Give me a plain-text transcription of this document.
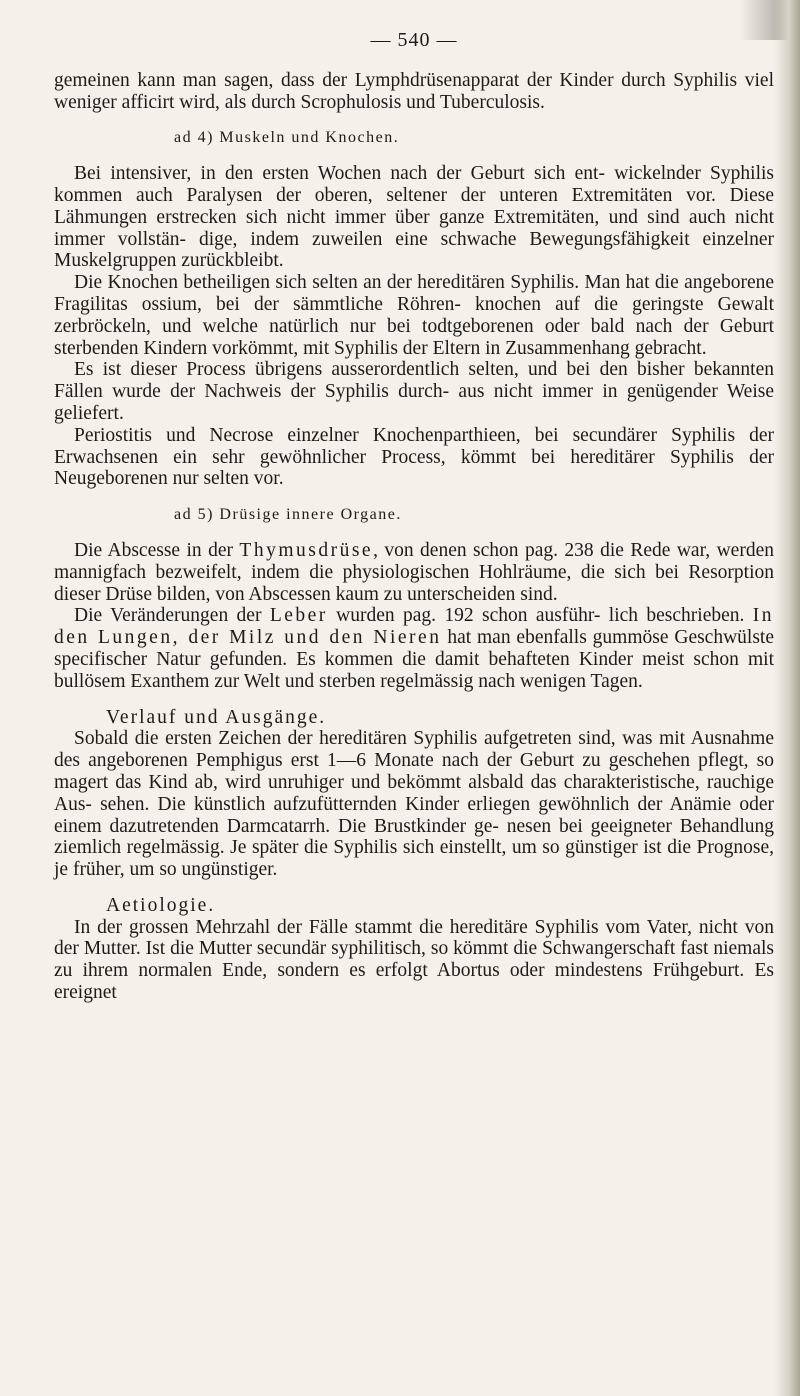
— 540 —

gemeinen kann man sagen, dass der Lymphdrüsenapparat der Kinder durch Syphilis viel weniger afficirt wird, als durch Scrophulosis und Tuberculosis.

ad 4) Muskeln und Knochen.

Bei intensiver, in den ersten Wochen nach der Geburt sich ent- wickelnder Syphilis kommen auch Paralysen der oberen, seltener der unteren Extremitäten vor. Diese Lähmungen erstrecken sich nicht immer über ganze Extremitäten, und sind auch nicht immer vollstän- dige, indem zuweilen eine schwache Bewegungsfähigkeit einzelner Muskelgruppen zurückbleibt.

Die Knochen betheiligen sich selten an der hereditären Syphilis. Man hat die angeborene Fragilitas ossium, bei der sämmtliche Röhren- knochen auf die geringste Gewalt zerbröckeln, und welche natürlich nur bei todtgeborenen oder bald nach der Geburt sterbenden Kindern vorkömmt, mit Syphilis der Eltern in Zusammenhang gebracht.

Es ist dieser Process übrigens ausserordentlich selten, und bei den bisher bekannten Fällen wurde der Nachweis der Syphilis durch- aus nicht immer in genügender Weise geliefert.

Periostitis und Necrose einzelner Knochenparthieen, bei secundärer Syphilis der Erwachsenen ein sehr gewöhnlicher Process, kömmt bei hereditärer Syphilis der Neugeborenen nur selten vor.

ad 5) Drüsige innere Organe.

Die Abscesse in der Thymusdrüse, von denen schon pag. 238 die Rede war, werden mannigfach bezweifelt, indem die physiologischen Hohlräume, die sich bei Resorption dieser Drüse bilden, von Abscessen kaum zu unterscheiden sind.

Die Veränderungen der Leber wurden pag. 192 schon ausführ- lich beschrieben. In den Lungen, der Milz und den Nieren hat man ebenfalls gummöse Geschwülste specifischer Natur gefunden. Es kommen die damit behafteten Kinder meist schon mit bullösem Exanthem zur Welt und sterben regelmässig nach wenigen Tagen.

Verlauf und Ausgänge.

Sobald die ersten Zeichen der hereditären Syphilis aufgetreten sind, was mit Ausnahme des angeborenen Pemphigus erst 1—6 Monate nach der Geburt zu geschehen pflegt, so magert das Kind ab, wird unruhiger und bekömmt alsbald das charakteristische, rauchige Aus- sehen. Die künstlich aufzufütternden Kinder erliegen gewöhnlich der Anämie oder einem dazutretenden Darmcatarrh. Die Brustkinder ge- nesen bei geeigneter Behandlung ziemlich regelmässig. Je später die Syphilis sich einstellt, um so günstiger ist die Prognose, je früher, um so ungünstiger.

Aetiologie.

In der grossen Mehrzahl der Fälle stammt die hereditäre Syphilis vom Vater, nicht von der Mutter. Ist die Mutter secundär syphilitisch, so kömmt die Schwangerschaft fast niemals zu ihrem normalen Ende, sondern es erfolgt Abortus oder mindestens Frühgeburt. Es ereignet
